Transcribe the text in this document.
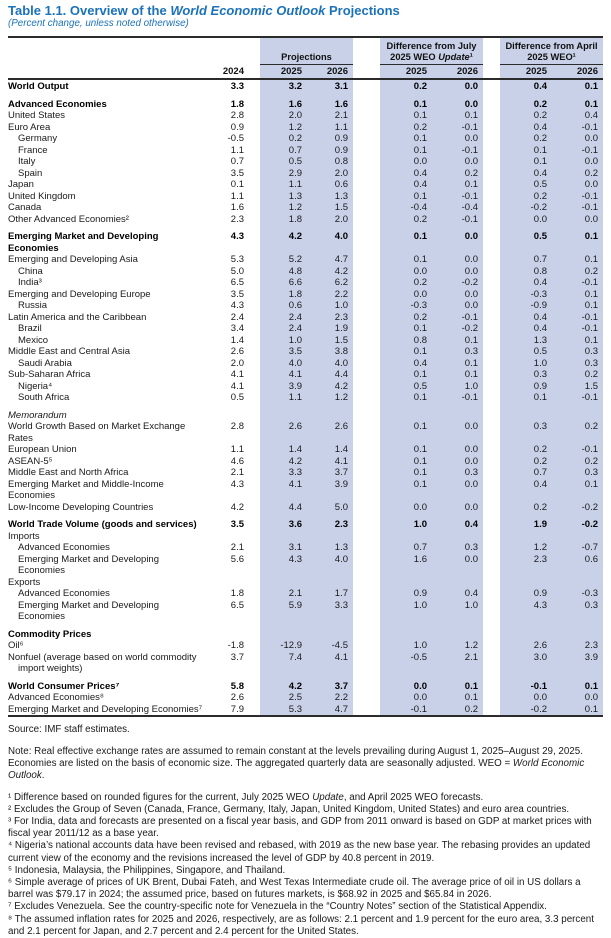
Table 1.1. Overview of the World Economic Outlook Projections
(Percent change, unless noted otherwise)
Projections
Difference from July
2025 WEO Update¹
Difference from April
2025 WEO¹
2024	2025	2026	2025	2026	2025	2026
World Output	3.3	3.2	3.1	0.2	0.0	0.4	0.1
Advanced Economies	1.8	1.6	1.6	0.1	0.0	0.2	0.1
United States	2.8	2.0	2.1	0.1	0.1	0.2	0.4
Euro Area	0.9	1.2	1.1	0.2	-0.1	0.4	-0.1
Germany	-0.5	0.2	0.9	0.1	0.0	0.2	0.0
France	1.1	0.7	0.9	0.1	-0.1	0.1	-0.1
Italy	0.7	0.5	0.8	0.0	0.0	0.1	0.0
Spain	3.5	2.9	2.0	0.4	0.2	0.4	0.2
Japan	0.1	1.1	0.6	0.4	0.1	0.5	0.0
United Kingdom	1.1	1.3	1.3	0.1	-0.1	0.2	-0.1
Canada	1.6	1.2	1.5	-0.4	-0.4	-0.2	-0.1
Other Advanced Economies²	2.3	1.8	2.0	0.2	-0.1	0.0	0.0
Emerging Market and Developing Economies
4.3	4.2	4.0	0.1	0.0	0.5	0.1
Emerging and Developing Asia	5.3	5.2	4.7	0.1	0.0	0.7	0.1
China	5.0	4.8	4.2	0.0	0.0	0.8	0.2
India³	6.5	6.6	6.2	0.2	-0.2	0.4	-0.1
Emerging and Developing Europe	3.5	1.8	2.2	0.0	0.0	-0.3	0.1
Russia	4.3	0.6	1.0	-0.3	0.0	-0.9	0.1
Latin America and the Caribbean	2.4	2.4	2.3	0.2	-0.1	0.4	-0.1
Brazil	3.4	2.4	1.9	0.1	-0.2	0.4	-0.1
Mexico	1.4	1.0	1.5	0.8	0.1	1.3	0.1
Middle East and Central Asia	2.6	3.5	3.8	0.1	0.3	0.5	0.3
Saudi Arabia	2.0	4.0	4.0	0.4	0.1	1.0	0.3
Sub-Saharan Africa	4.1	4.1	4.4	0.1	0.1	0.3	0.2
Nigeria⁴	4.1	3.9	4.2	0.5	1.0	0.9	1.5
South Africa	0.5	1.1	1.2	0.1	-0.1	0.1	-0.1
Memorandum
World Growth Based on Market Exchange Rates
2.8	2.6	2.6	0.1	0.0	0.3	0.2
European Union	1.1	1.4	1.4	0.1	0.0	0.2	-0.1
ASEAN-5⁵	4.6	4.2	4.1	0.1	0.0	0.2	0.2
Middle East and North Africa	2.1	3.3	3.7	0.1	0.3	0.7	0.3
Emerging Market and Middle-Income Economies
4.3	4.1	3.9	0.1	0.0	0.4	0.1
Low-Income Developing Countries	4.2	4.4	5.0	0.0	0.0	0.2	-0.2
World Trade Volume (goods and services)	3.5	3.6	2.3	1.0	0.4	1.9	-0.2
Imports
Advanced Economies	2.1	3.1	1.3	0.7	0.3	1.2	-0.7
Emerging Market and Developing Economies
5.6	4.3	4.0	1.6	0.0	2.3	0.6
Exports
Advanced Economies	1.8	2.1	1.7	0.9	0.4	0.9	-0.3
Emerging Market and Developing Economies
6.5	5.9	3.3	1.0	1.0	4.3	0.3
Commodity Prices
Oil⁶	-1.8	-12.9	-4.5	1.0	1.2	2.6	2.3
Nonfuel (average based on world commodity import weights)
3.7	7.4	4.1	-0.5	2.1	3.0	3.9
World Consumer Prices⁷	5.8	4.2	3.7	0.0	0.1	-0.1	0.1
Advanced Economies⁸	2.6	2.5	2.2	0.0	0.1	0.0	0.0
Emerging Market and Developing Economies⁷	7.9	5.3	4.7	-0.1	0.2	-0.2	0.1
Source: IMF staff estimates.
Note: Real effective exchange rates are assumed to remain constant at the levels prevailing during August 1, 2025–August 29, 2025. Economies are listed on the basis of economic size. The aggregated quarterly data are seasonally adjusted. WEO = World Economic Outlook.
¹ Difference based on rounded figures for the current, July 2025 WEO Update, and April 2025 WEO forecasts.
² Excludes the Group of Seven (Canada, France, Germany, Italy, Japan, United Kingdom, United States) and euro area countries.
³ For India, data and forecasts are presented on a fiscal year basis, and GDP from 2011 onward is based on GDP at market prices with fiscal year 2011/12 as a base year.
⁴ Nigeria’s national accounts data have been revised and rebased, with 2019 as the new base year. The rebasing provides an updated current view of the economy and the revisions increased the level of GDP by 40.8 percent in 2019.
⁵ Indonesia, Malaysia, the Philippines, Singapore, and Thailand.
⁶ Simple average of prices of UK Brent, Dubai Fateh, and West Texas Intermediate crude oil. The average price of oil in US dollars a barrel was $79.17 in 2024; the assumed price, based on futures markets, is $68.92 in 2025 and $65.84 in 2026.
⁷ Excludes Venezuela. See the country-specific note for Venezuela in the “Country Notes” section of the Statistical Appendix.
⁸ The assumed inflation rates for 2025 and 2026, respectively, are as follows: 2.1 percent and 1.9 percent for the euro area, 3.3 percent and 2.1 percent for Japan, and 2.7 percent and 2.4 percent for the United States.
